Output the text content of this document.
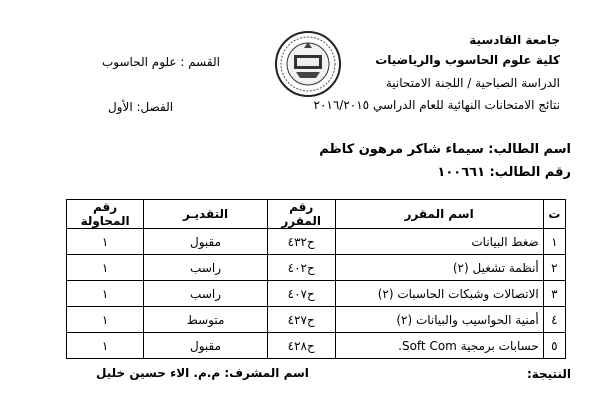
جامعة القادسية
كلية علوم الحاسوب والرياضيات
الدراسة الصباحية / اللجنة الامتحانية
نتائج الامتحانات النهائية للعام الدراسي ٢٠١٦/٢٠١٥
القسم : علوم الحاسوب
الفصل: الأول
اسم الطالب: سيماء شاكر مرهون كاظم
رقم الطالب: ١٠٠٦٦١
ت	اسم المقرر	رقم المقرر	التقديـر	رقم المحاولة
١	ضغط البيانات	ح٤٣٢	مقبول	١
٢	أنظمة تشغيل (٢)	ح٤٠٢	راسب	١
٣	الاتصالات وشبكات الحاسبات (٢)	ح٤٠٧	راسب	١
٤	أمنية الحواسيب والبيانات (٢)	ح٤٢٧	متوسط	١
٥	حسابات برمجية Soft Com.	ح٤٢٨	مقبول	١
النتيجة:
اسم المشرف: م.م. الاء حسين خليل
